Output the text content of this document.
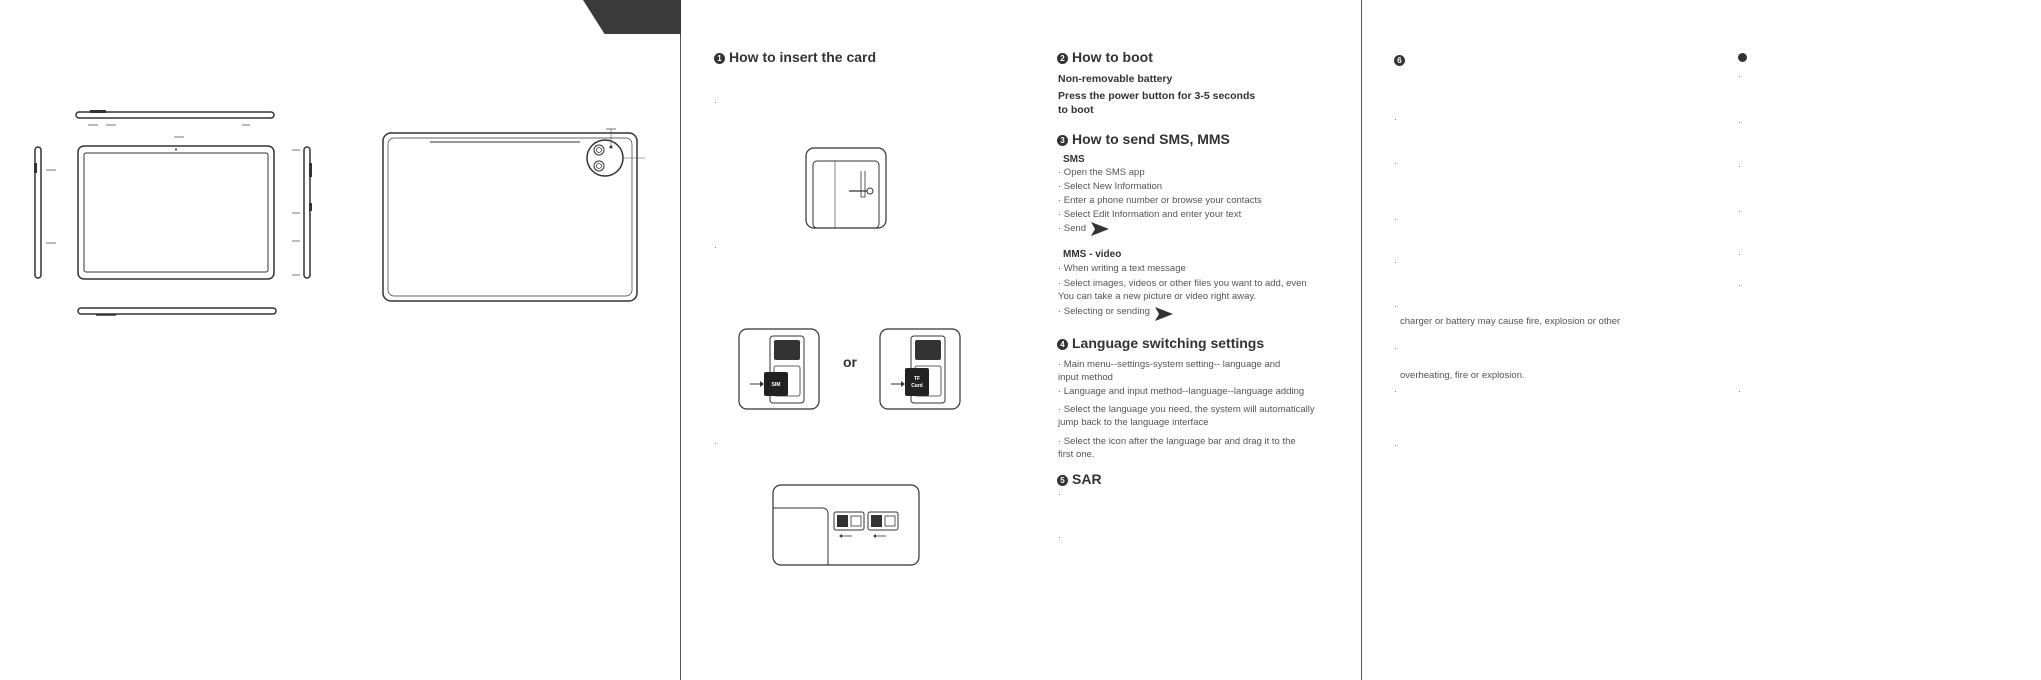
1 How to insert the card
·
·
·
SIM
or
TF
Card
2 How to boot
Non-removable battery
Press the power button for 3-5 seconds
to boot
3 How to send SMS, MMS
SMS
· Open the SMS app
· Select New Information
· Enter a phone number or browse your contacts
· Select Edit Information and enter your text
· Send
MMS - video
· When writing a text message
· Select images, videos or other files you want to add, even
You can take a new picture or video right away.
· Selecting or sending
4 Language switching settings
· Main menu--settings-system setting-- language and
input method
· Language and input method--language--language adding
· Select the language you need, the system will automatically
jump back to the language interface
· Select the icon after the language bar and drag it to the
first one.
5 SAR
·
·
6
·
·
·
·
·
charger or battery may cause fire, explosion or other
·
overheating, fire or explosion.
·
·
·
·
·
·
·
·
·
